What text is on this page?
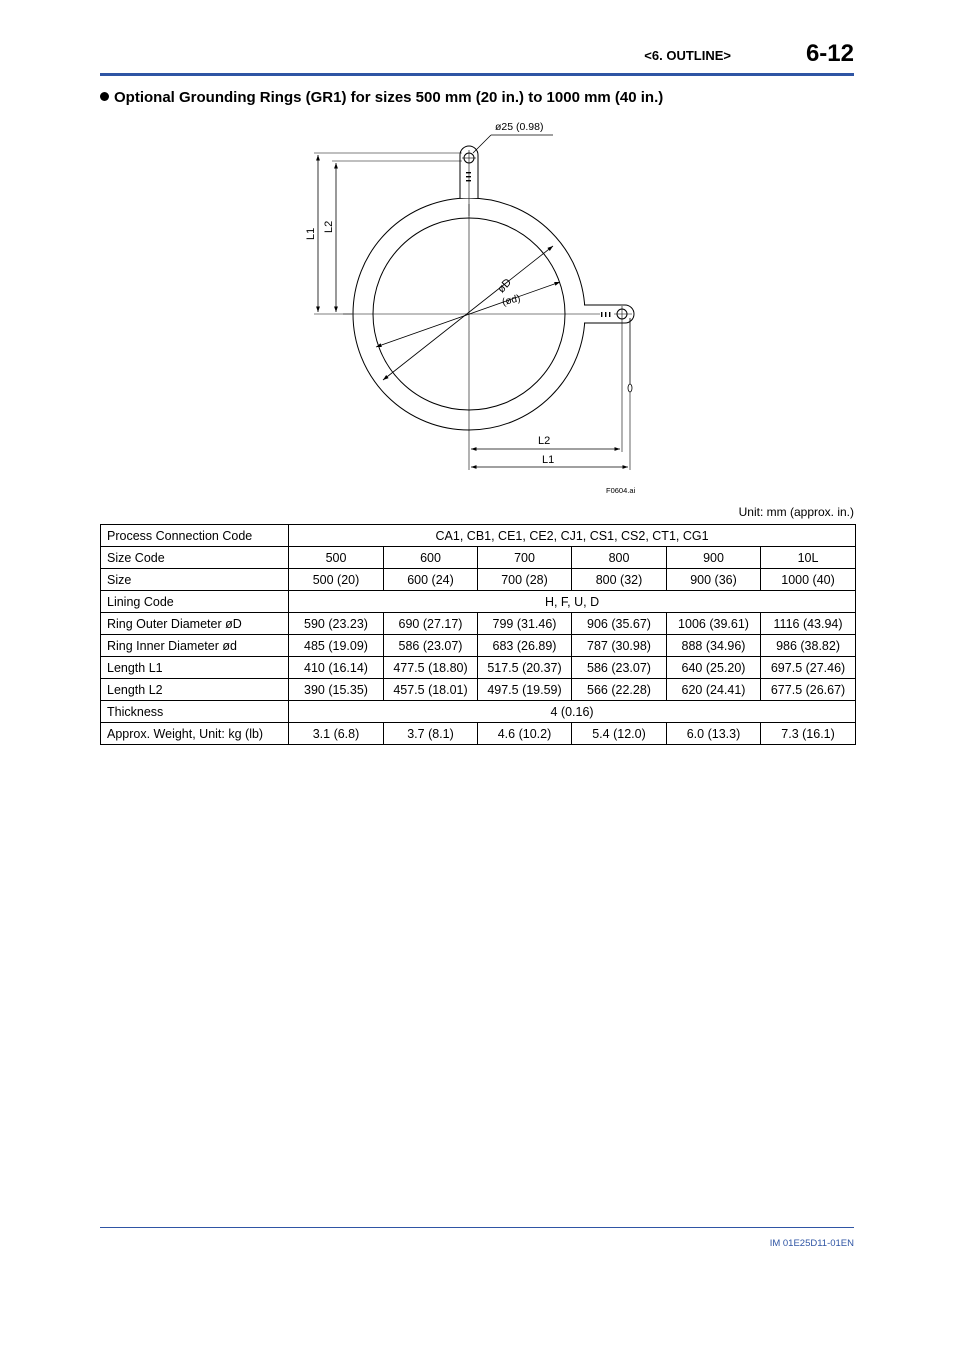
<6. OUTLINE>	6-12
Optional Grounding Rings (GR1) for sizes 500 mm (20 in.) to 1000 mm (40 in.)
øD
(ød)
ø25 (0.98)
L1
L2
L2
L1
F0604.ai
Unit: mm (approx. in.)
Process Connection Code	CA1, CB1, CE1, CE2, CJ1, CS1, CS2, CT1, CG1					
Size Code	500	600	700	800	900	10L
Size	500 (20)	600 (24)	700 (28)	800 (32)	900 (36)	1000 (40)
Lining Code	H, F, U, D					
Ring Outer Diameter øD	590 (23.23)	690 (27.17)	799 (31.46)	906 (35.67)	1006 (39.61)	1116 (43.94)
Ring Inner Diameter ød	485 (19.09)	586 (23.07)	683 (26.89)	787 (30.98)	888 (34.96)	986 (38.82)
Length L1	410 (16.14)	477.5 (18.80)	517.5 (20.37)	586 (23.07)	640 (25.20)	697.5 (27.46)
Length L2	390 (15.35)	457.5 (18.01)	497.5 (19.59)	566 (22.28)	620 (24.41)	677.5 (26.67)
Thickness	4 (0.16)					
Approx. Weight, Unit: kg (lb)	3.1 (6.8)	3.7 (8.1)	4.6 (10.2)	5.4 (12.0)	6.0 (13.3)	7.3 (16.1)
IM 01E25D11-01EN
